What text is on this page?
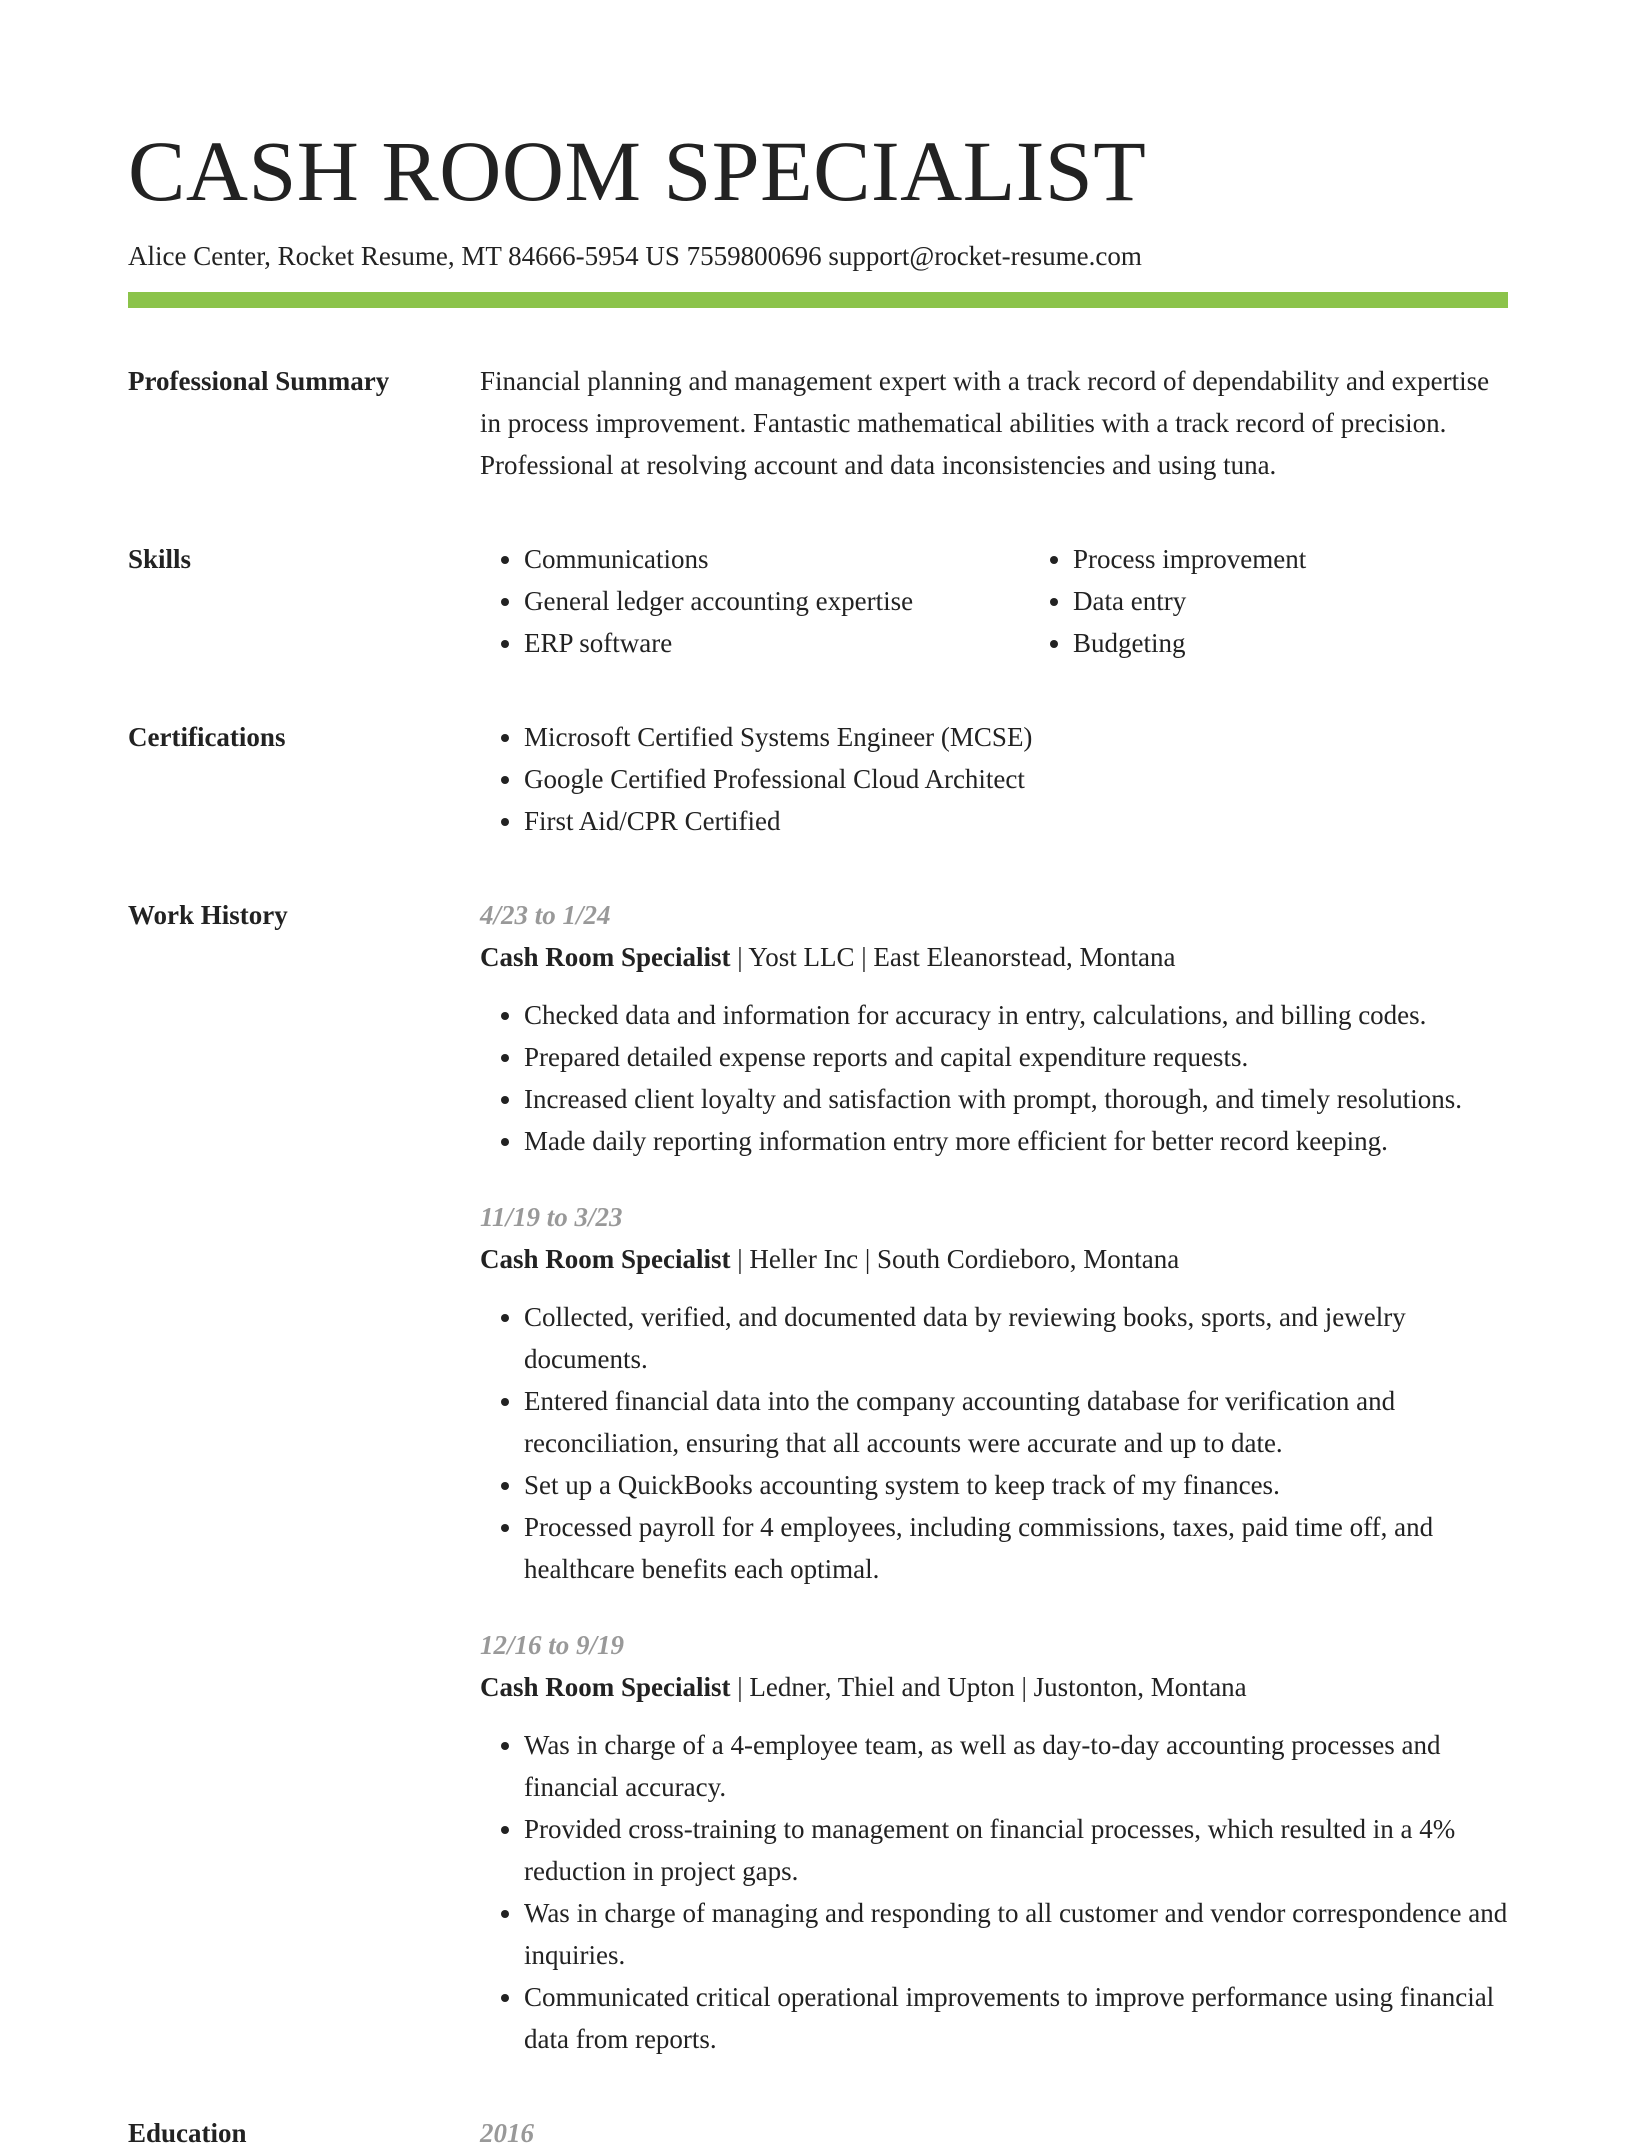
CASH ROOM SPECIALIST
Alice Center, Rocket Resume, MT 84666-5954 US 7559800696 support@rocket-resume.com
Professional Summary	Financial planning and management expert with a track record of dependability and expertise in process improvement. Fantastic mathematical abilities with a track record of precision. Professional at resolving account and data inconsistencies and using tuna.

Skills	• Communications
• General ledger accounting expertise
• ERP software
• Process improvement
• Data entry
• Budgeting
Certifications	• Microsoft Certified Systems Engineer (MCSE)
• Google Certified Professional Cloud Architect
• First Aid/CPR Certified
Work History	4/23 to 1/24
Cash Room Specialist | Yost LLC | East Eleanorstead, Montana
• Checked data and information for accuracy in entry, calculations, and billing codes.
• Prepared detailed expense reports and capital expenditure requests.
• Increased client loyalty and satisfaction with prompt, thorough, and timely resolutions.
• Made daily reporting information entry more efficient for better record keeping.
11/19 to 3/23
Cash Room Specialist | Heller Inc | South Cordieboro, Montana
• Collected, verified, and documented data by reviewing books, sports, and jewelry documents.
• Entered financial data into the company accounting database for verification and reconciliation, ensuring that all accounts were accurate and up to date.
• Set up a QuickBooks accounting system to keep track of my finances.
• Processed payroll for 4 employees, including commissions, taxes, paid time off, and healthcare benefits each optimal.
12/16 to 9/19
Cash Room Specialist | Ledner, Thiel and Upton | Justonton, Montana
• Was in charge of a 4-employee team, as well as day-to-day accounting processes and financial accuracy.
• Provided cross-training to management on financial processes, which resulted in a 4% reduction in project gaps.
• Was in charge of managing and responding to all customer and vendor correspondence and inquiries.
• Communicated critical operational improvements to improve performance using financial data from reports.
Education	2016
